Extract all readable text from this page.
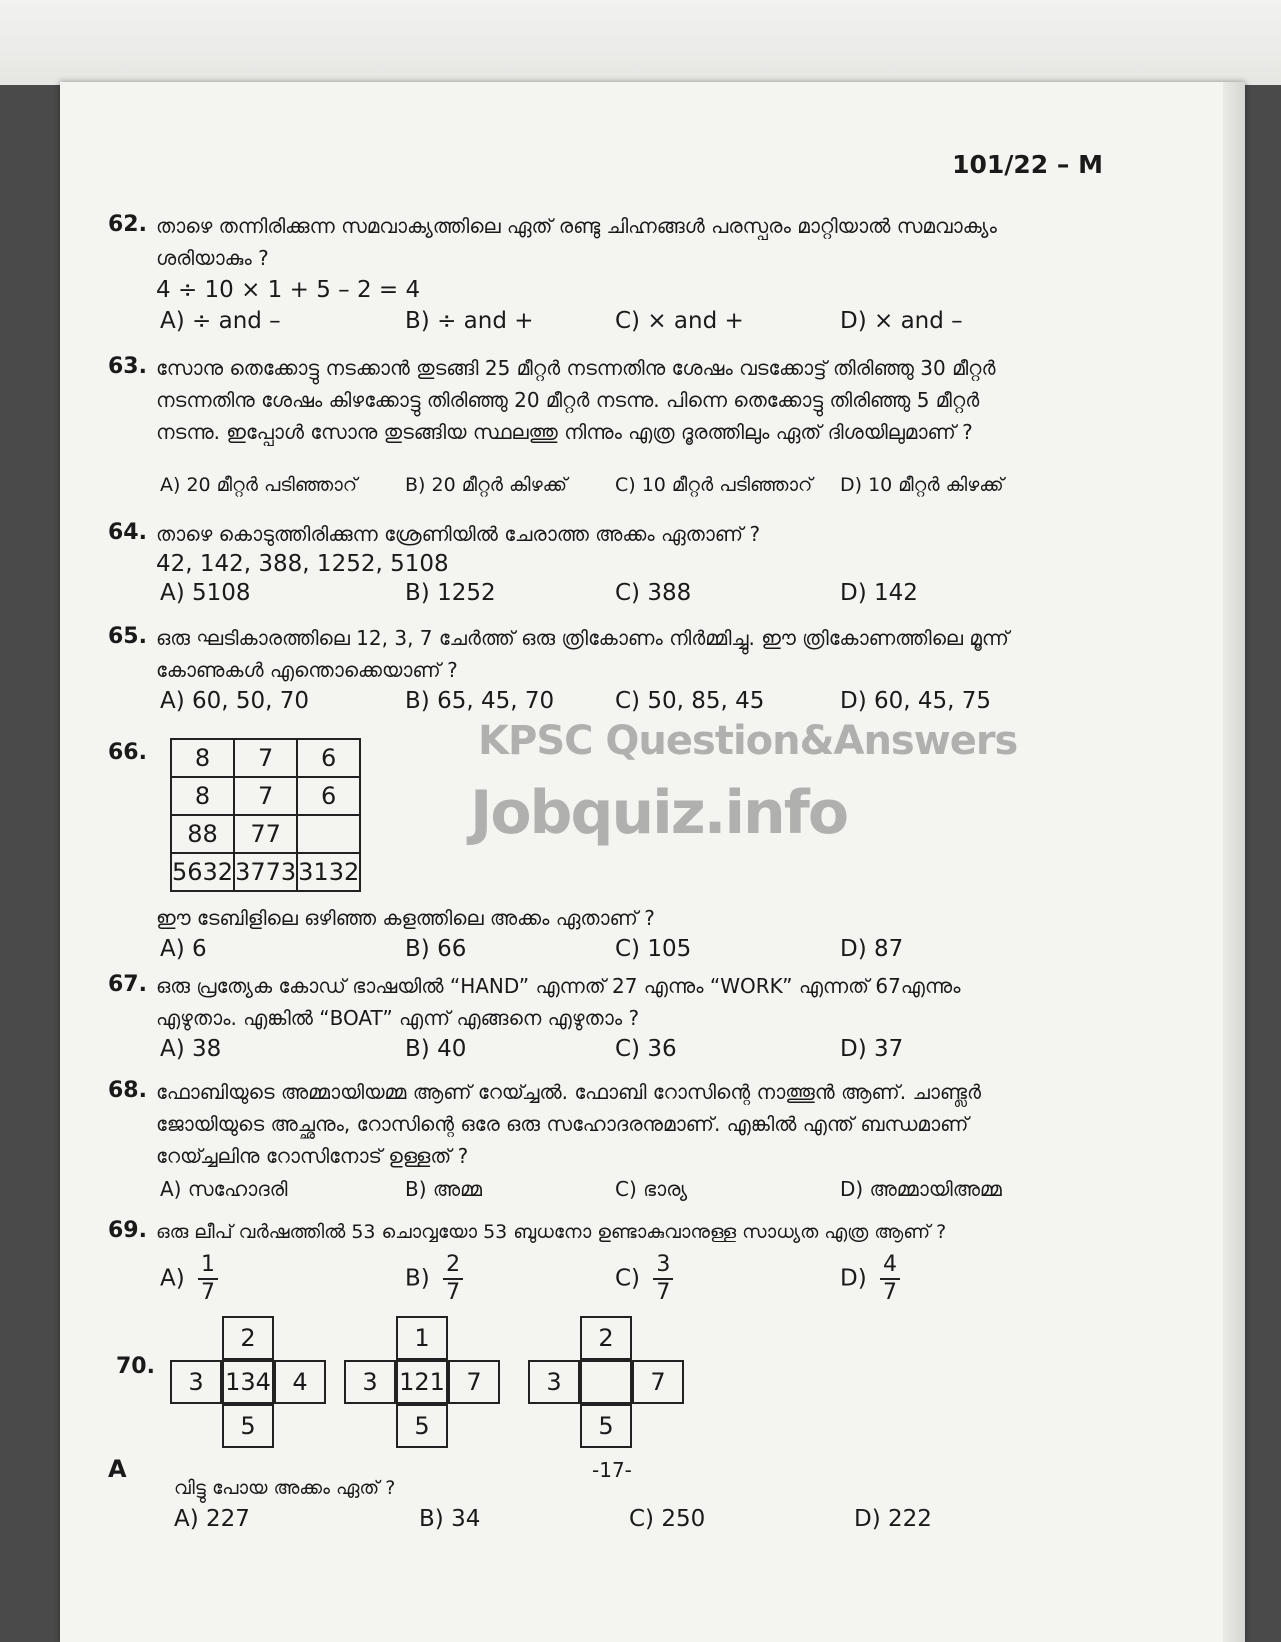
101/22 – M
KPSC Question&Answers
Jobquiz.info
62. താഴെ തന്നിരിക്കുന്ന സമവാക്യത്തിലെ ഏത് രണ്ടു ചിഹ്നങ്ങൾ പരസ്പരം മാറ്റിയാൽ സമവാക്യം ശരിയാകും ?
4 ÷ 10 × 1 + 5 – 2 = 4
A) ÷ and –	B) ÷ and +	C) × and +	D) × and –
63. സോനു തെക്കോട്ടു നടക്കാൻ തുടങ്ങി 25 മീറ്റർ നടന്നതിനു ശേഷം വടക്കോട്ട് തിരിഞ്ഞു 30 മീറ്റർ നടന്നതിനു ശേഷം കിഴക്കോട്ടു തിരിഞ്ഞു 20 മീറ്റർ നടന്നു. പിന്നെ തെക്കോട്ടു തിരിഞ്ഞു 5 മീറ്റർ നടന്നു. ഇപ്പോൾ സോനു തുടങ്ങിയ സ്ഥലത്തു നിന്നും എത്ര ദൂരത്തിലും ഏത് ദിശയിലുമാണ് ?
A) 20 മീറ്റർ പടിഞ്ഞാറ്	B) 20 മീറ്റർ കിഴക്ക്	C) 10 മീറ്റർ പടിഞ്ഞാറ് D) 10 മീറ്റർ കിഴക്ക്
64. താഴെ കൊടുത്തിരിക്കുന്ന ശ്രേണിയിൽ ചേരാത്ത അക്കം ഏതാണ് ?
42, 142, 388, 1252, 5108
A) 5108	B) 1252	C) 388	D) 142
65. ഒരു ഘടികാരത്തിലെ 12, 3, 7 ചേർത്ത് ഒരു ത്രികോണം നിർമ്മിച്ചു. ഈ ത്രികോണത്തിലെ മൂന്ന് കോണുകൾ എന്തൊക്കെയാണ് ?
A) 60, 50, 70	B) 65, 45, 70	C) 50, 85, 45	D) 60, 45, 75
66. 8	7	6
8	7	6
88	77	
5632	3773	3132
ഈ ടേബിളിലെ ഒഴിഞ്ഞ കളത്തിലെ അക്കം ഏതാണ് ?
A) 6	B) 66	C) 105	D) 87
67. ഒരു പ്രത്യേക കോഡ് ഭാഷയിൽ “HAND” എന്നത് 27 എന്നും “WORK” എന്നത് 67എന്നും എഴുതാം. എങ്കിൽ “BOAT” എന്ന് എങ്ങനെ എഴുതാം ?
A) 38	B) 40	C) 36	D) 37
68. ഫോബിയുടെ അമ്മായിയമ്മ ആണ് റേയ്ച്ചൽ. ഫോബി റോസിന്റെ നാത്തൂൻ ആണ്. ചാണ്ട്ലർ ജോയിയുടെ അച്ഛനും, റോസിന്റെ ഒരേ ഒരു സഹോദരനുമാണ്. എങ്കിൽ എന്ത് ബന്ധമാണ് റേയ്ച്ചലിനു റോസിനോട് ഉള്ളത് ?
A) സഹോദരി	B) അമ്മ	C) ഭാര്യ	D) അമ്മായിഅമ്മ
69. ഒരു ലീപ് വർഷത്തിൽ 53 ചൊവ്വയോ 53 ബുധനോ ഉണ്ടാകുവാനുള്ള സാധ്യത എത്ര ആണ് ?
$A) \frac{1}{7}$	$B) \frac{2}{7}$	$C) \frac{3}{7}$	$D) \frac{4}{7}$
70.
2
3 134 4
5
1
3 121 7
5
2
3	7
5
വിട്ടു പോയ അക്കം ഏത് ?
A) 227	B) 34	C) 250	D) 222
A	-17-
